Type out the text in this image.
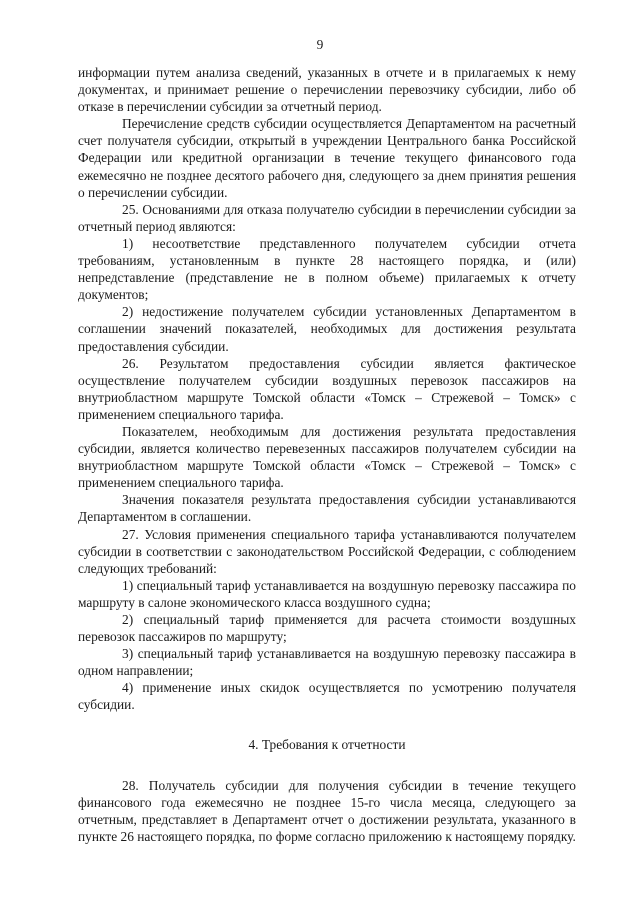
9

информации путем анализа сведений, указанных в отчете и в прилагаемых к нему документах, и принимает решение о перечислении перевозчику субсидии, либо об отказе в перечислении субсидии за отчетный период.

Перечисление средств субсидии осуществляется Департаментом на расчетный счет получателя субсидии, открытый в учреждении Центрального банка Российской Федерации или кредитной организации в течение текущего финансового года ежемесячно не позднее десятого рабочего дня, следующего за днем принятия решения о перечислении субсидии.

25. Основаниями для отказа получателю субсидии в перечислении субсидии за отчетный период являются:

1) несоответствие представленного получателем субсидии отчета требованиям, установленным в пункте 28 настоящего порядка, и (или) непредставление (представление не в полном объеме) прилагаемых к отчету документов;

2) недостижение получателем субсидии установленных Департаментом в соглашении значений показателей, необходимых для достижения результата предоставления субсидии.

26. Результатом предоставления субсидии является фактическое осуществление получателем субсидии воздушных перевозок пассажиров на внутриобластном маршруте Томской области «Томск – Стрежевой – Томск» с применением специального тарифа.

Показателем, необходимым для достижения результата предоставления субсидии, является количество перевезенных пассажиров получателем субсидии на внутриобластном маршруте Томской области «Томск – Стрежевой – Томск» с применением специального тарифа.

Значения показателя результата предоставления субсидии устанавливаются Департаментом в соглашении.

27. Условия применения специального тарифа устанавливаются получателем субсидии в соответствии с законодательством Российской Федерации, с соблюдением следующих требований:

1) специальный тариф устанавливается на воздушную перевозку пассажира по маршруту в салоне экономического класса воздушного судна;

2) специальный тариф применяется для расчета стоимости воздушных перевозок пассажиров по маршруту;

3) специальный тариф устанавливается на воздушную перевозку пассажира в одном направлении;

4) применение иных скидок осуществляется по усмотрению получателя субсидии.

4. Требования к отчетности

28. Получатель субсидии для получения субсидии в течение текущего финансового года ежемесячно не позднее 15-го числа месяца, следующего за отчетным, представляет в Департамент отчет о достижении результата, указанного в пункте 26 настоящего порядка, по форме согласно приложению к настоящему порядку.
